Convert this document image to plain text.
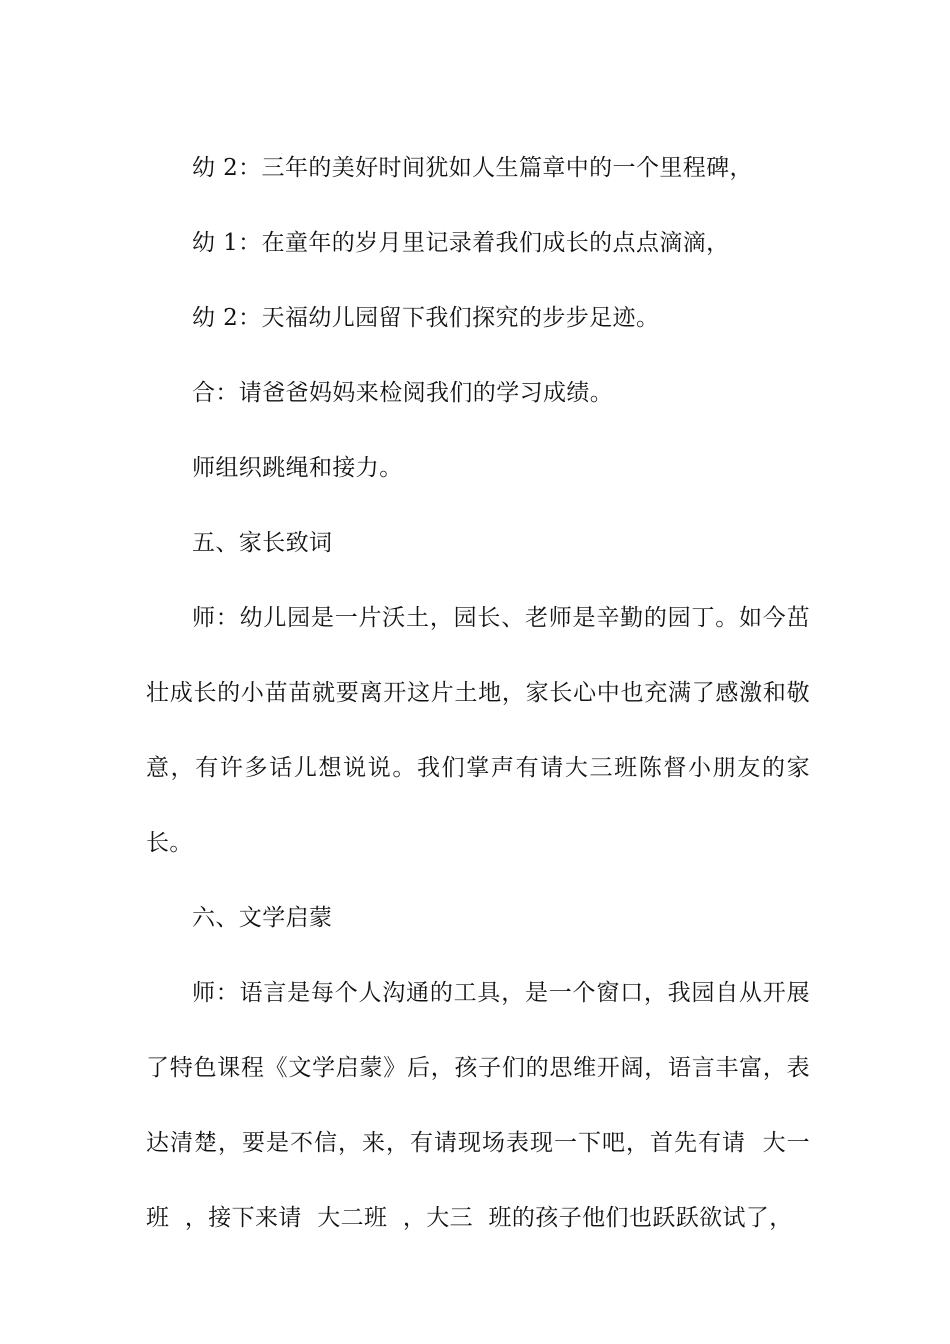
幼 2：三年的美好时间犹如人生篇章中的一个里程碑，

幼 1：在童年的岁月里记录着我们成长的点点滴滴，

幼 2：天福幼儿园留下我们探究的步步足迹。

合：请爸爸妈妈来检阅我们的学习成绩。

师组织跳绳和接力。

五、家长致词

师：幼儿园是一片沃土，园长、老师是辛勤的园丁。如今茁壮成长的小苗苗就要离开这片土地，家长心中也充满了感激和敬意，有许多话儿想说说。我们掌声有请大三班陈督小朋友的家长。

六、文学启蒙

师：语言是每个人沟通的工具，是一个窗口，我园自从开展了特色课程《文学启蒙》后，孩子们的思维开阔，语言丰富，表达清楚，要是不信，来，有请现场表现一下吧，首先有请  大一班  ，接下来请  大二班  ，大三  班的孩子他们也跃跃欲试了，
